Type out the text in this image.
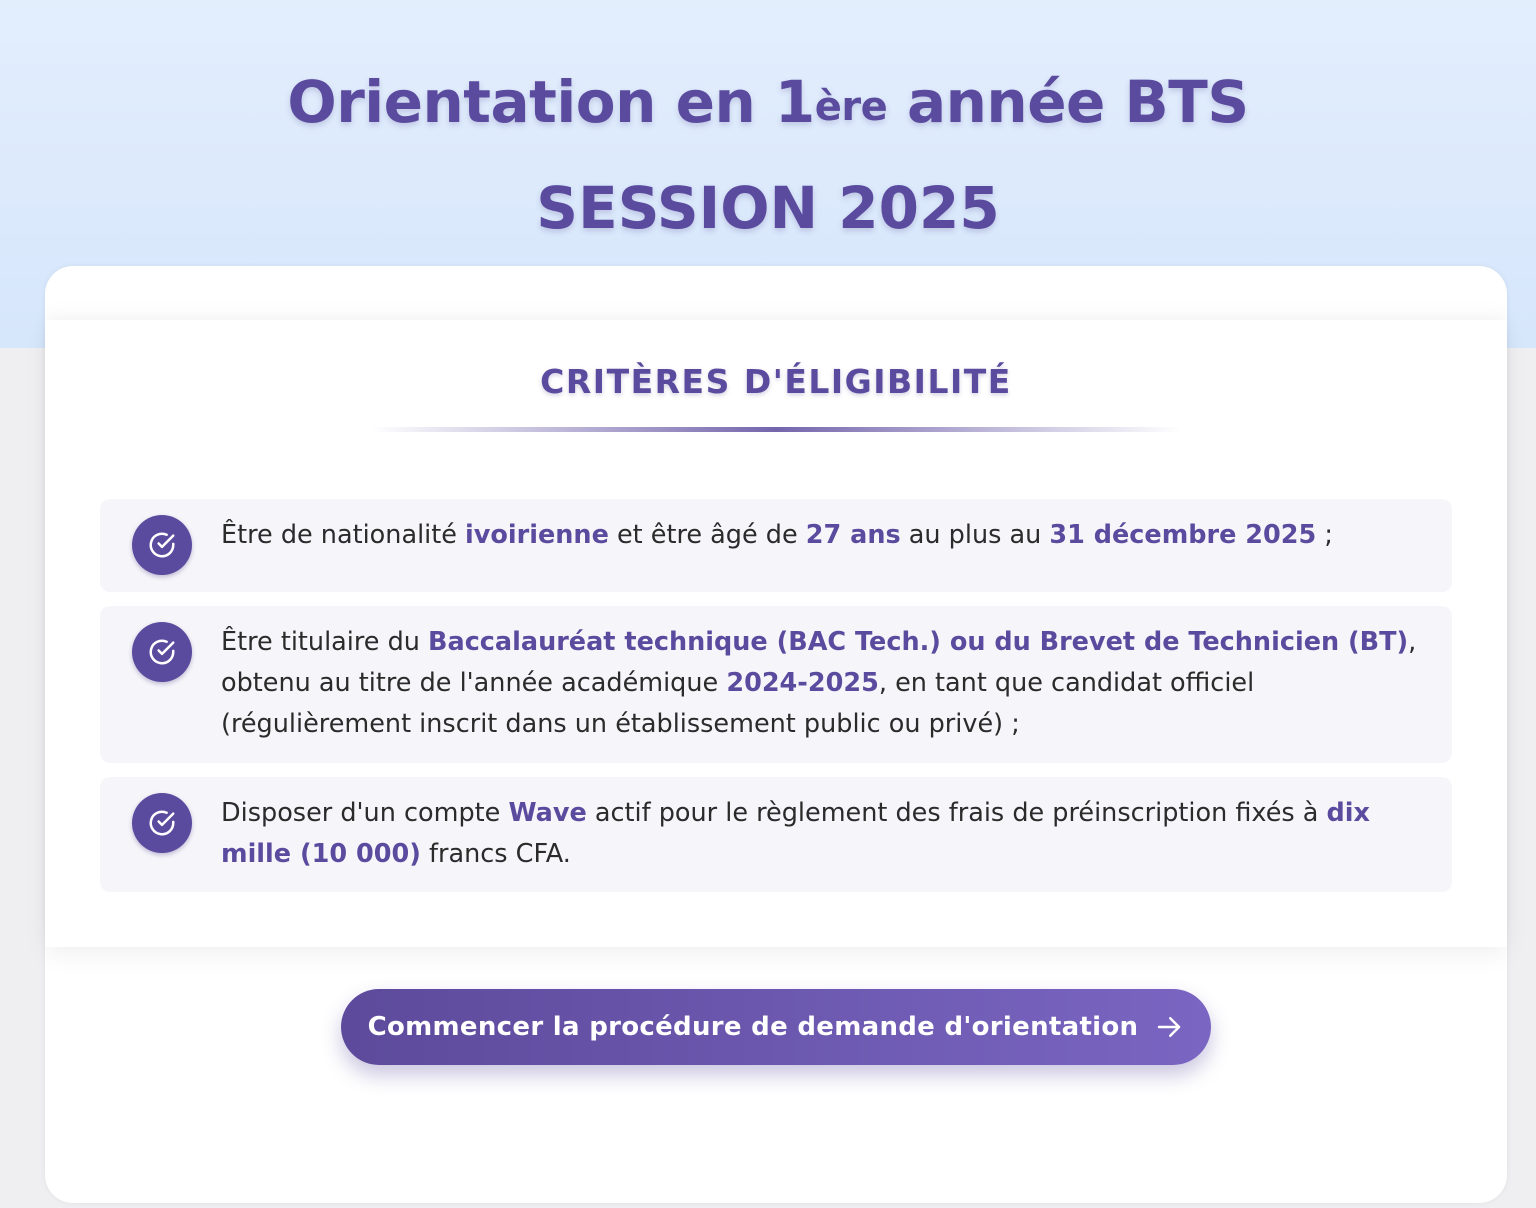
Orientation en 1ère année BTS
SESSION 2025
CRITÈRES D'ÉLIGIBILITÉ

Être de nationalité ivoirienne et être âgé de 27 ans au plus au 31 décembre 2025 ;

Être titulaire du Baccalauréat technique (BAC Tech.) ou du Brevet de Technicien (BT), obtenu au titre de l'année académique 2024-2025, en tant que candidat officiel (régulièrement inscrit dans un établissement public ou privé) ;

Disposer d'un compte Wave actif pour le règlement des frais de préinscription fixés à dix mille (10 000) francs CFA.

Commencer la procédure de demande d'orientation
